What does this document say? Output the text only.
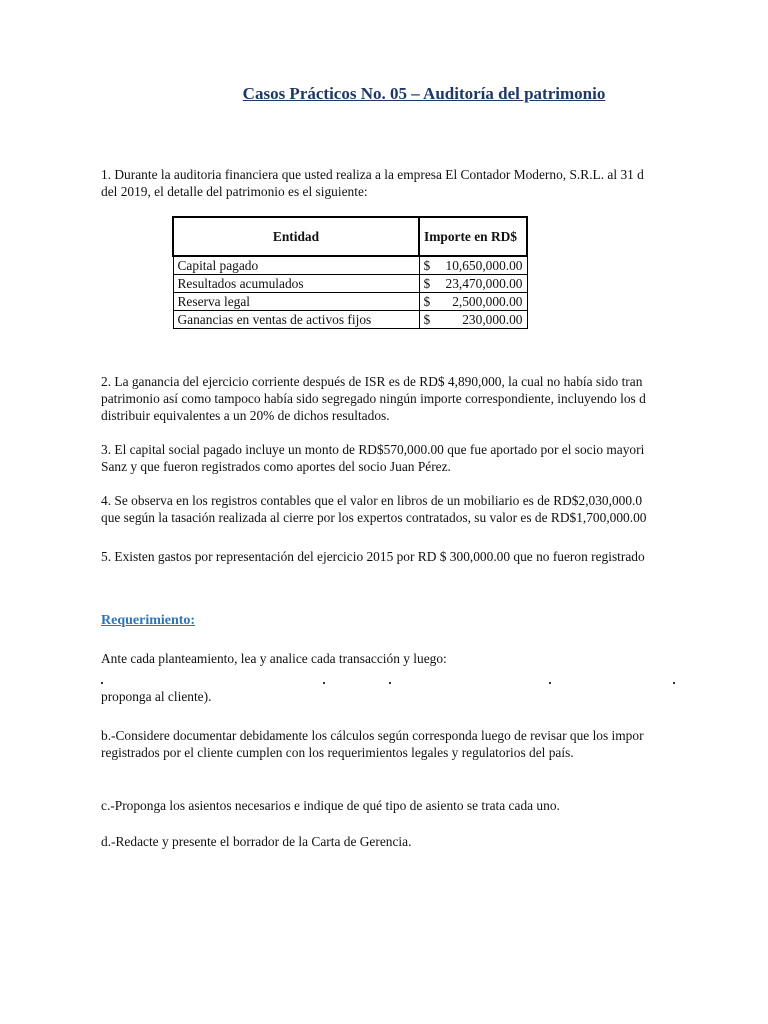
Casos Prácticos No. 05 – Auditoría del patrimonio
1. Durante la auditoria financiera que usted realiza a la empresa El Contador Moderno, S.R.L. al 31 d
del 2019, el detalle del patrimonio es el siguiente:
Entidad	Importe en RD$
Capital pagado	$ 10,650,000.00

Resultados acumulados	$ 23,470,000.00

Reserva legal	$ 2,500,000.00

Ganancias en ventas de activos fijos	$ 230,000.00
2. La ganancia del ejercicio corriente después de ISR es de RD$ 4,890,000, la cual no había sido tran
patrimonio así como tampoco había sido segregado ningún importe correspondiente, incluyendo los d
distribuir equivalentes a un 20% de dichos resultados.
3. El capital social pagado incluye un monto de RD$570,000.00 que fue aportado por el socio mayori
Sanz y que fueron registrados como aportes del socio Juan Pérez.
4. Se observa en los registros contables que el valor en libros de un mobiliario es de RD$2,030,000.0
que según la tasación realizada al cierre por los expertos contratados, su valor es de RD$1,700,000.00
5. Existen gastos por representación del ejercicio 2015 por RD $ 300,000.00 que no fueron registrado
Requerimiento:
Ante cada planteamiento, lea y analice cada transacción y luego:
proponga al cliente).
b.-Considere documentar debidamente los cálculos según corresponda luego de revisar que los impor
registrados por el cliente cumplen con los requerimientos legales y regulatorios del país.
c.-Proponga los asientos necesarios e indique de qué tipo de asiento se trata cada uno.
d.-Redacte y presente el borrador de la Carta de Gerencia.
